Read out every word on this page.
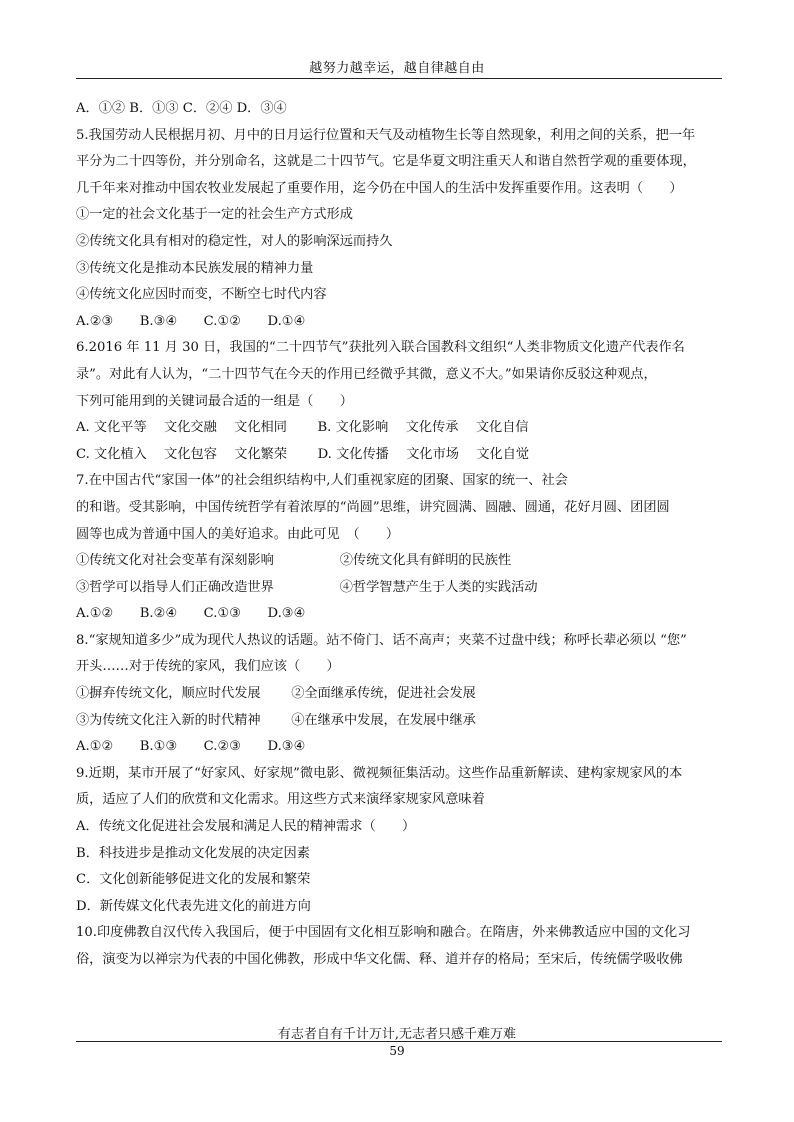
越努力越幸运，越自律越自由
A．①② B．①③ C．②④ D．③④
5.我国劳动人民根据月初、月中的日月运行位置和天气及动植物生长等自然现象，利用之间的关系，把一年
平分为二十四等份，并分别命名，这就是二十四节气。它是华夏文明注重天人和谐自然哲学观的重要体现，
几千年来对推动中国农牧业发展起了重要作用，迄今仍在中国人的生活中发挥重要作用。这表明（　　）
①一定的社会文化基于一定的社会生产方式形成
②传统文化具有相对的稳定性，对人的影响深远而持久
③传统文化是推动本民族发展的精神力量
④传统文化应因时而变，不断空七时代内容
A.②③　　B.③④　　C.①②　　D.①④
6.2016 年 11 月 30 日，我国的“二十四节气”获批列入联合国教科文组织“人类非物质文化遗产代表作名
录”。对此有人认为，“二十四节气在今天的作用已经微乎其微，意义不大。”如果请你反驳这种观点，
下列可能用到的关键词最合适的一组是（　　）
A. 文化平等　 文化交融　 文化相同　　 B. 文化影响　 文化传承　 文化自信
C. 文化植入　 文化包容　 文化繁荣　　 D. 文化传播　 文化市场　 文化自觉
7.在中国古代“家国一体”的社会组织结构中,人们重视家庭的团聚、国家的统一、社会
的和谐。受其影响，中国传统哲学有着浓厚的“尚圆”思维，讲究圆满、圆融、圆通，花好月圆、团团圆
圆等也成为普通中国人的美好追求。由此可见　（　　）
①传统文化对社会变革有深刻影响　　　　　②传统文化具有鲜明的民族性
③哲学可以指导人们正确改造世界　　　　　④哲学智慧产生于人类的实践活动
A.①②　　B.②④　　C.①③　　D.③④
8.“家规知道多少”成为现代人热议的话题。站不倚门、话不高声；夹菜不过盘中线；称呼长辈必须以 “您”
开头……对于传统的家风，我们应该（　　）
①摒弃传统文化，顺应时代发展　　 ②全面继承传统，促进社会发展
③为传统文化注入新的时代精神　　 ④在继承中发展，在发展中继承
A.①②　　B.①③　　C.②③　　D.③④
9.近期，某市开展了“好家风、好家规”微电影、微视频征集活动。这些作品重新解读、建构家规家风的本
质，适应了人们的欣赏和文化需求。用这些方式来演绎家规家风意味着
A．传统文化促进社会发展和满足人民的精神需求（　　）
B．科技进步是推动文化发展的决定因素
C．文化创新能够促进文化的发展和繁荣
D．新传媒文化代表先进文化的前进方向
10.印度佛教自汉代传入我国后，便于中国固有文化相互影响和融合。在隋唐，外来佛教适应中国的文化习
俗，演变为以禅宗为代表的中国化佛教，形成中华文化儒、释、道并存的格局；至宋后，传统儒学吸收佛
有志者自有千计万计,无志者只感千难万难
59
